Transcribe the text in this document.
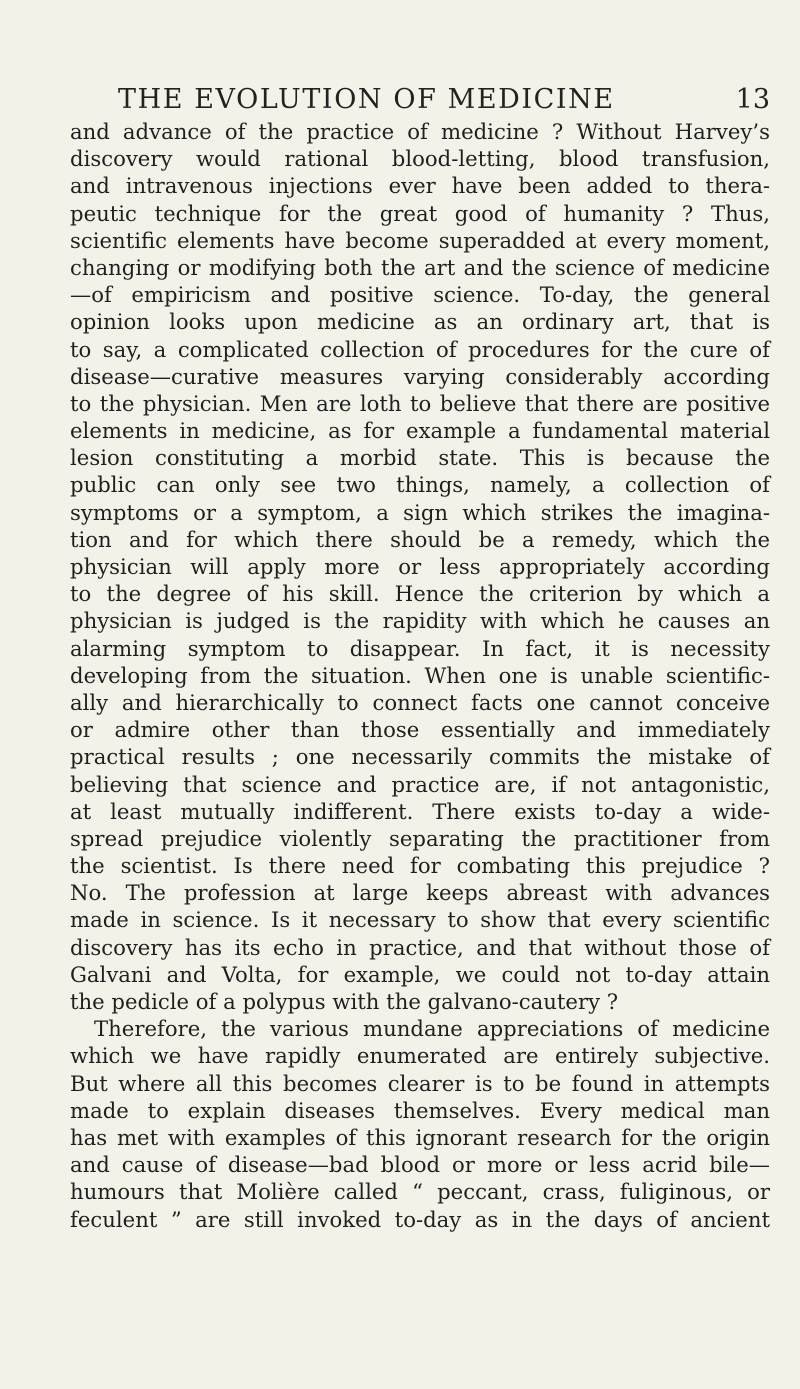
THE EVOLUTION OF MEDICINE	13
and advance of the practice of medicine ? Without Harvey’s
discovery would rational blood-letting, blood transfusion,
and intravenous injections ever have been added to thera-
peutic technique for the great good of humanity ? Thus,
scientific elements have become superadded at every moment,
changing or modifying both the art and the science of medicine
—of empiricism and positive science. To-day, the general
opinion looks upon medicine as an ordinary art, that is
to say, a complicated collection of procedures for the cure of
disease—curative measures varying considerably according
to the physician. Men are loth to believe that there are positive
elements in medicine, as for example a fundamental material
lesion constituting a morbid state. This is because the
public can only see two things, namely, a collection of
symptoms or a symptom, a sign which strikes the imagina-
tion and for which there should be a remedy, which the
physician will apply more or less appropriately according
to the degree of his skill. Hence the criterion by which a
physician is judged is the rapidity with which he causes an
alarming symptom to disappear. In fact, it is necessity
developing from the situation. When one is unable scientific-
ally and hierarchically to connect facts one cannot conceive
or admire other than those essentially and immediately
practical results ; one necessarily commits the mistake of
believing that science and practice are, if not antagonistic,
at least mutually indifferent. There exists to-day a wide-
spread prejudice violently separating the practitioner from
the scientist. Is there need for combating this prejudice ?
No. The profession at large keeps abreast with advances
made in science. Is it necessary to show that every scientific
discovery has its echo in practice, and that without those of
Galvani and Volta, for example, we could not to-day attain
the pedicle of a polypus with the galvano-cautery ?
Therefore, the various mundane appreciations of medicine
which we have rapidly enumerated are entirely subjective.
But where all this becomes clearer is to be found in attempts
made to explain diseases themselves. Every medical man
has met with examples of this ignorant research for the origin
and cause of disease—bad blood or more or less acrid bile—
humours that Molière called “ peccant, crass, fuliginous, or
feculent ” are still invoked to-day as in the days of ancient
